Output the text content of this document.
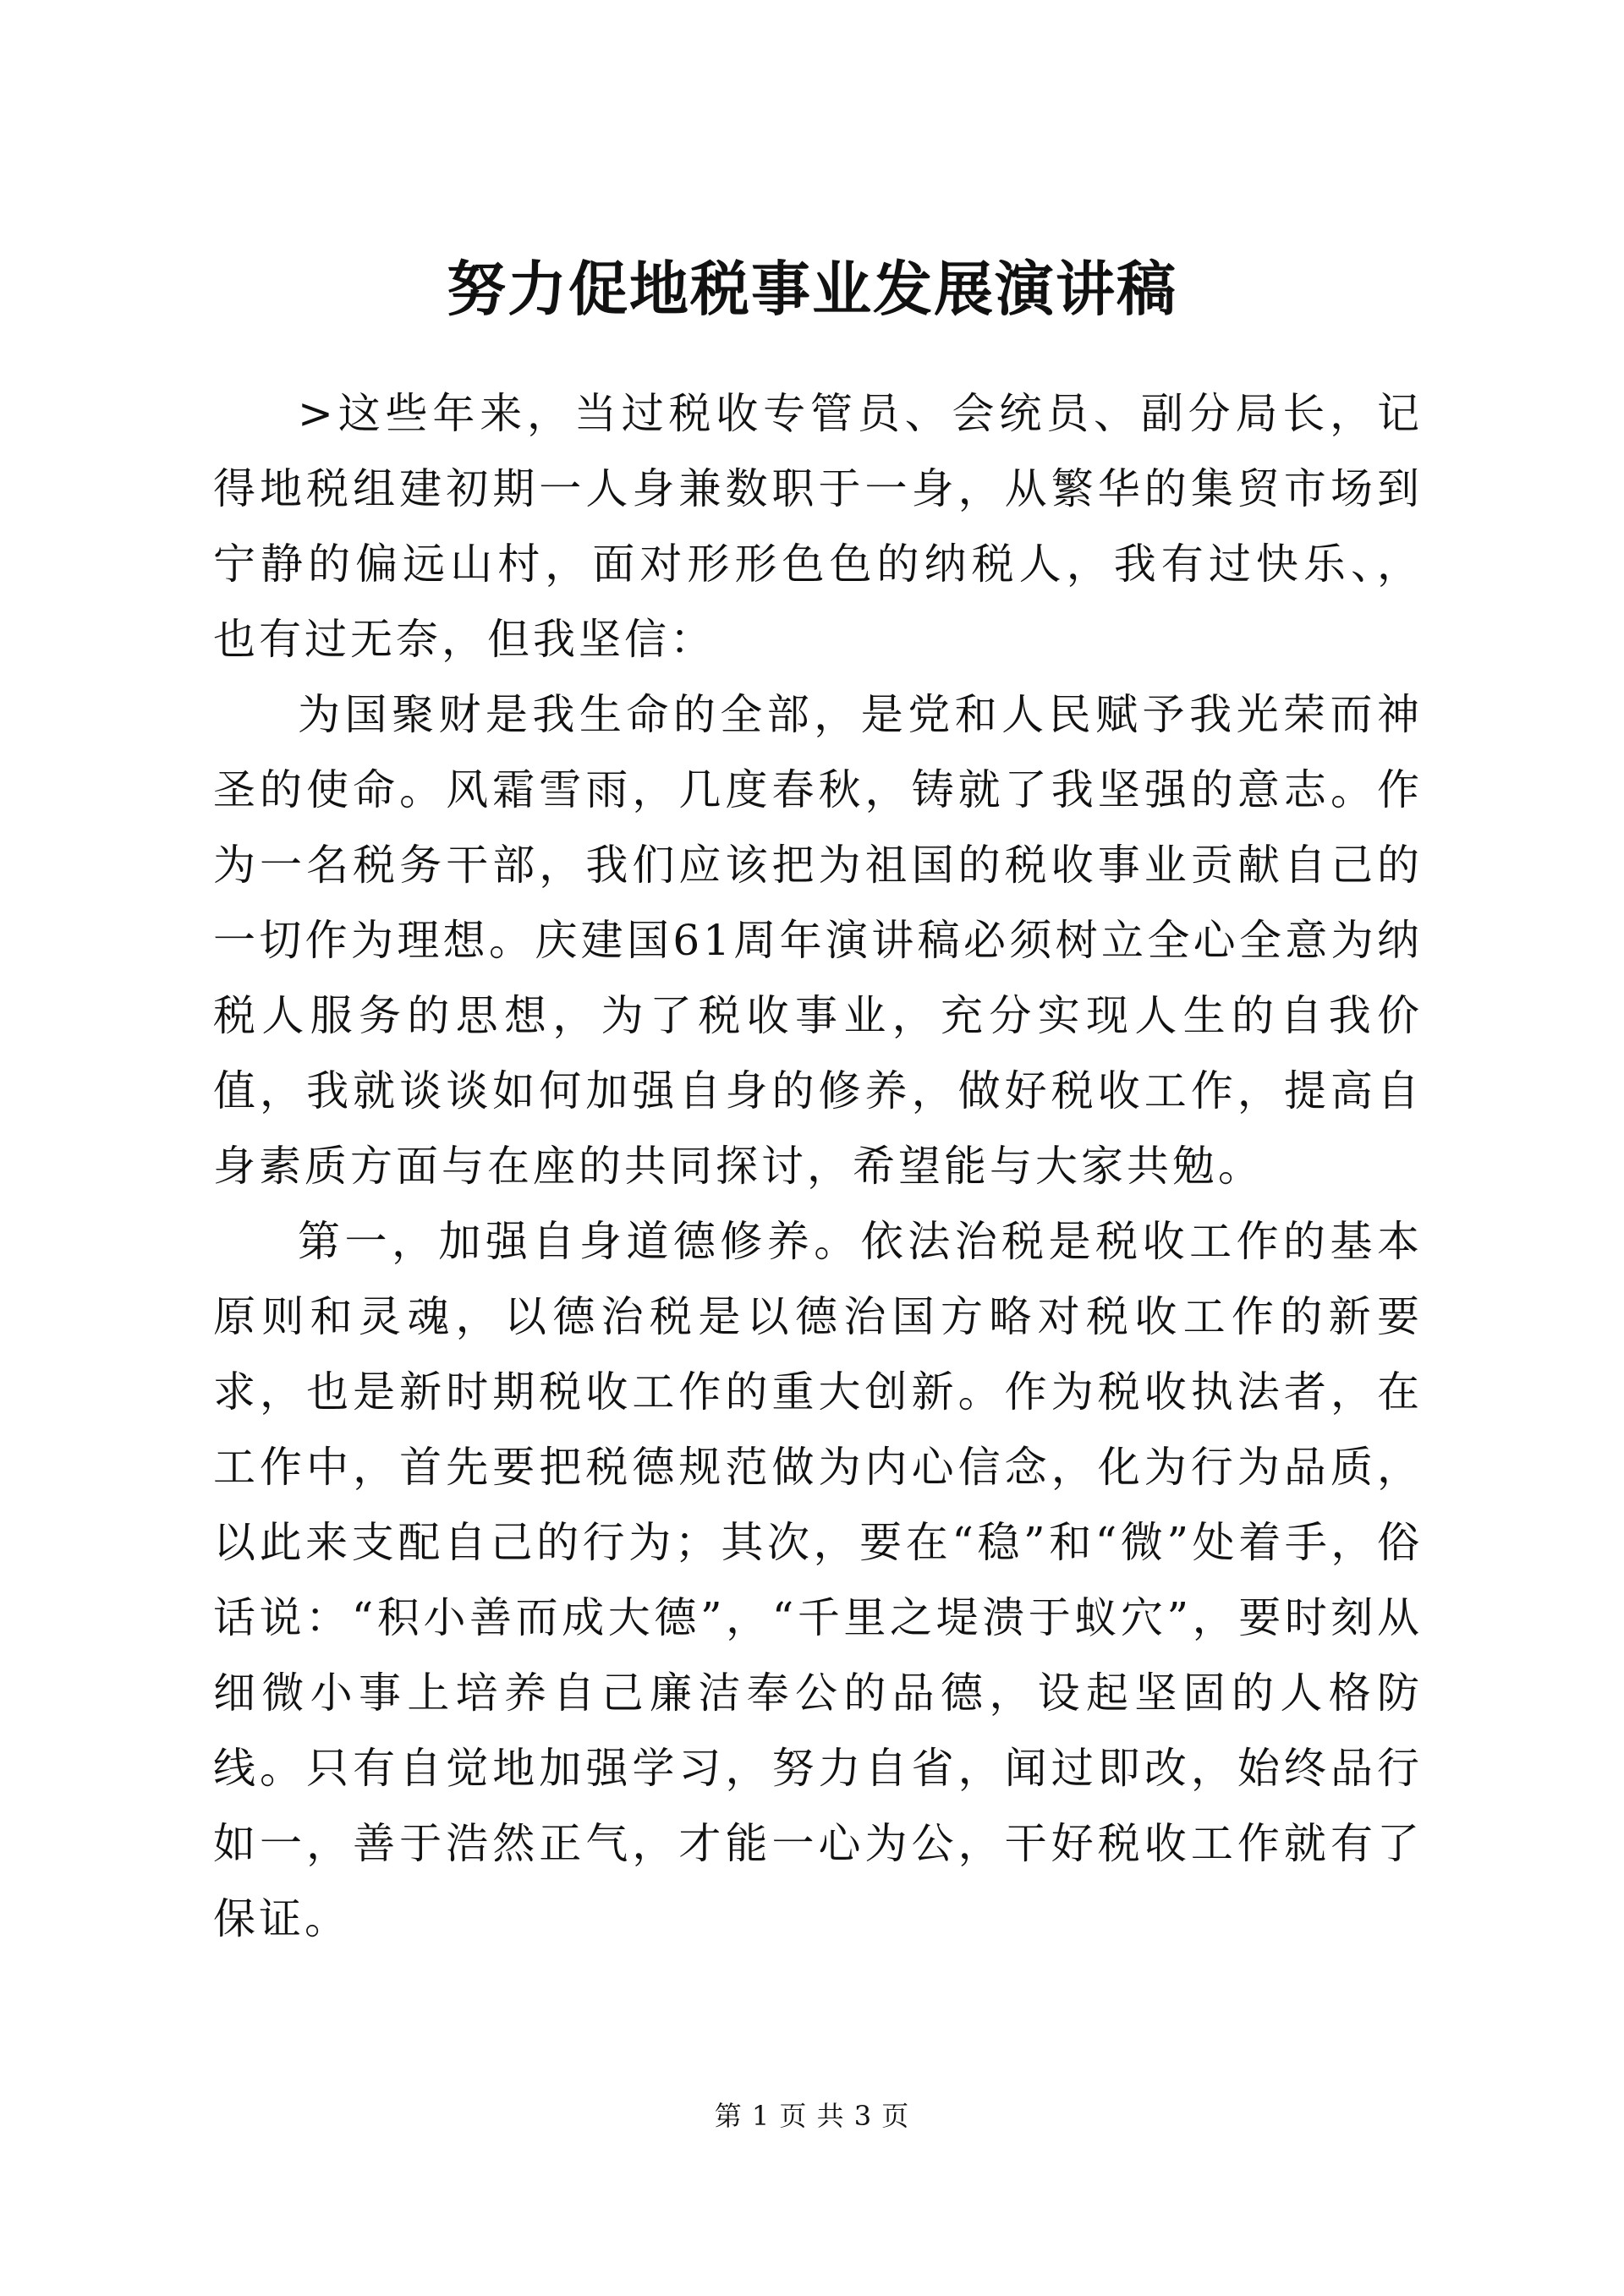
努力促地税事业发展演讲稿

>这些年来，当过税收专管员、会统员、副分局长，记得地税组建初期一人身兼数职于一身，从繁华的集贸市场到宁静的偏远山村，面对形形色色的纳税人，我有过快乐、，也有过无奈，但我坚信：

为国聚财是我生命的全部，是党和人民赋予我光荣而神圣的使命。风霜雪雨，几度春秋，铸就了我坚强的意志。作为一名税务干部，我们应该把为祖国的税收事业贡献自己的一切作为理想。庆建国61周年演讲稿必须树立全心全意为纳税人服务的思想，为了税收事业，充分实现人生的自我价值，我就谈谈如何加强自身的修养，做好税收工作，提高自身素质方面与在座的共同探讨，希望能与大家共勉。

第一，加强自身道德修养。依法治税是税收工作的基本原则和灵魂，以德治税是以德治国方略对税收工作的新要求，也是新时期税收工作的重大创新。作为税收执法者，在工作中，首先要把税德规范做为内心信念，化为行为品质，以此来支配自己的行为；其次，要在“稳”和“微”处着手，俗话说：“积小善而成大德”，“千里之堤溃于蚁穴”，要时刻从细微小事上培养自己廉洁奉公的品德，设起坚固的人格防线。只有自觉地加强学习，努力自省，闻过即改，始终品行如一，善于浩然正气，才能一心为公，干好税收工作就有了保证。

第 1 页 共 3 页
